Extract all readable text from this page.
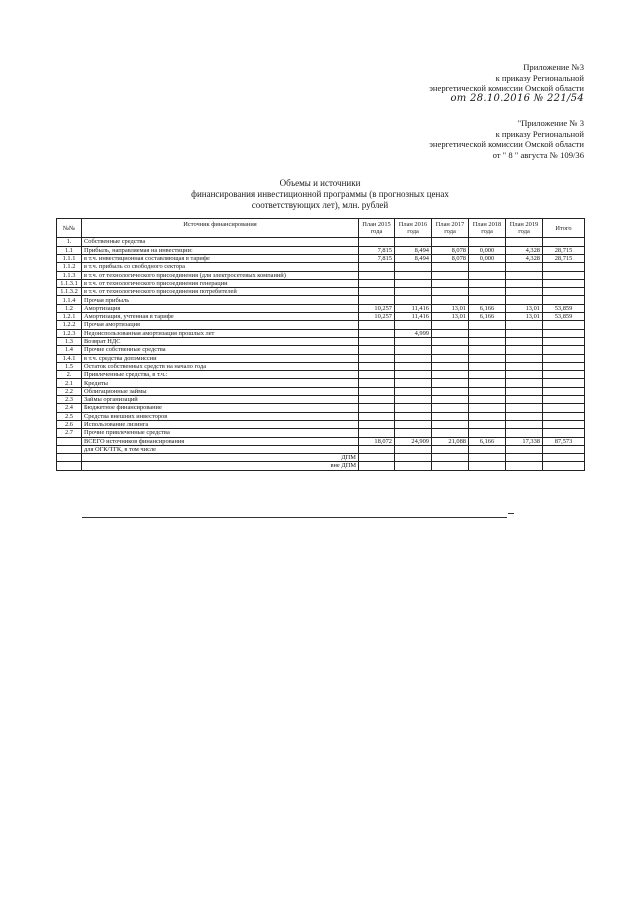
Приложение №3
к приказу Региональной
энергетической комиссии Омской области
от 28.10.2016 № 221/54
"Приложение № 3
к приказу Региональной
энергетической комиссии Омской области
от " 8 " августа № 109/36
Объемы и источники
финансирования инвестиционной программы (в прогнозных ценах
соответствующих лет), млн. рублей
№№	Источник финансирования	План 2015 года	План 2016 года	План 2017 года	План 2018 года	План 2019 года	Итого
1.	Собственные средства						
1.1	Прибыль, направляемая на инвестиции:	7,815	8,494	8,078	0,000	4,328	28,715
1.1.1	в т.ч. инвестиционная составляющая в тарифе	7,815	8,494	8,078	0,000	4,328	28,715
1.1.2	в т.ч. прибыль со свободного сектора						
1.1.3	в т.ч. от технологического присоединения (для электросетевых компаний)						
1.1.3.1	в т.ч. от технологического присоединения генерации						
1.1.3.2	в т.ч. от технологического присоединения потребителей						
1.1.4	Прочая прибыль						
1.2	Амортизация	10,257	11,416	13,01	6,166	13,01	53,859
1.2.1	Амортизация, учтенная в тарифе	10,257	11,416	13,01	6,166	13,01	53,859
1.2.2	Прочая амортизация						
1.2.3	Недоиспользованная амортизация прошлых лет		4,999				
1.3	Возврат НДС						
1.4	Прочие собственные средства						
1.4.1	в т.ч. средства допэмиссии						
1.5	Остаток собственных средств на начало года						
2.	Привлеченные средства, в т.ч.:						
2.1	Кредиты						
2.2	Облигационные займы						
2.3	Займы организаций						
2.4	Бюджетное финансирование						
2.5	Средства внешних инвесторов						
2.6	Использование лизинга						
2.7	Прочие привлеченные средства						
	ВСЕГО источников финансирования	18,072	24,909	21,088	6,166	17,338	87,573
	для ОГК/ТГК, в том числе						
	ДПМ						
	вне ДПМ						
